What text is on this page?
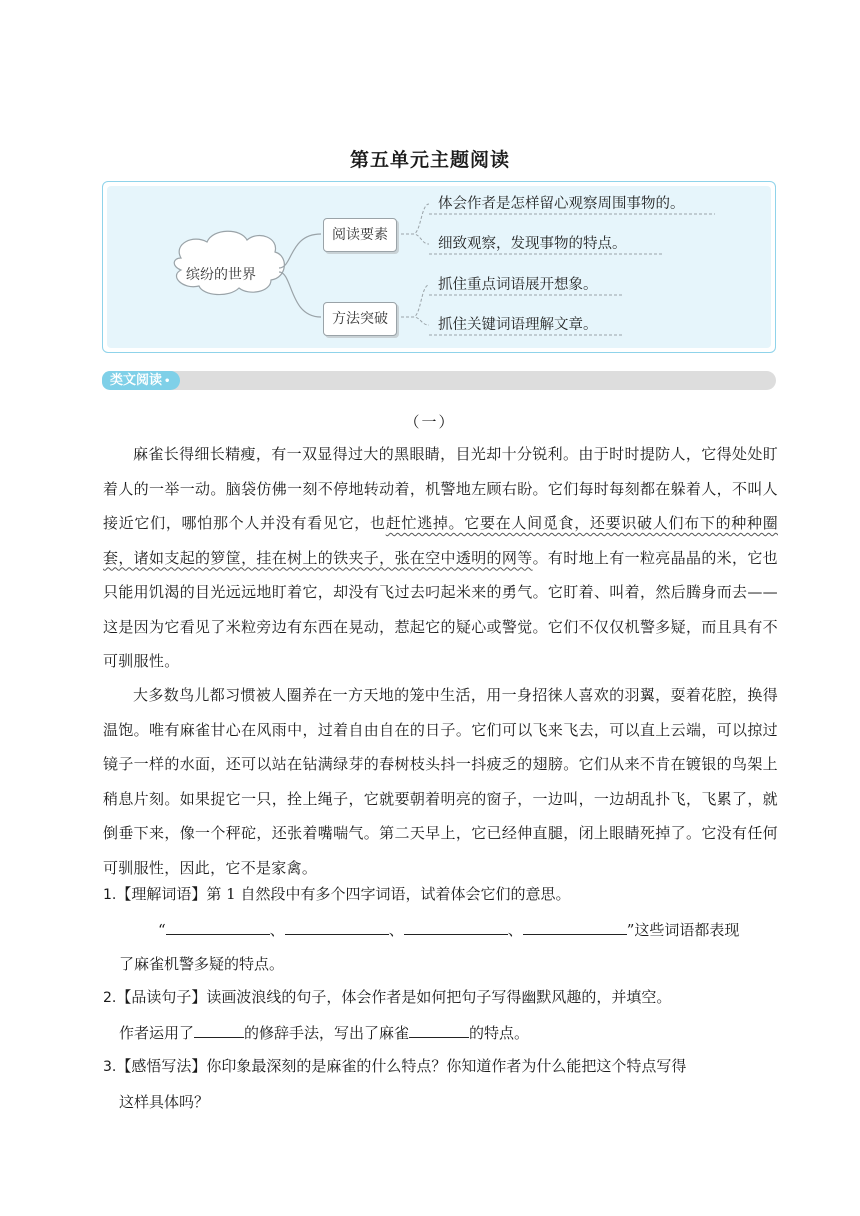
第五单元主题阅读
缤纷的世界
阅读要素
方法突破
体会作者是怎样留心观察周围事物的。
细致观察，发现事物的特点。
抓住重点词语展开想象。
抓住关键词语理解文章。
类文阅读 •
（一）

麻雀长得细长精瘦，有一双显得过大的黑眼睛，目光却十分锐利。由于时时提防人，它得处处盯着人的一举一动。脑袋仿佛一刻不停地转动着，机警地左顾右盼。它们每时每刻都在躲着人，不叫人接近它们，哪怕那个人并没有看见它，也赶忙逃掉。它要在人间觅食，还要识破人们布下的种种圈套，诸如支起的箩筐，挂在树上的铁夹子，张在空中透明的网等。有时地上有一粒亮晶晶的米，它也只能用饥渴的目光远远地盯着它，却没有飞过去叼起米来的勇气。它盯着、叫着，然后腾身而去——这是因为它看见了米粒旁边有东西在晃动，惹起它的疑心或警觉。它们不仅仅机警多疑，而且具有不可驯服性。

大多数鸟儿都习惯被人圈养在一方天地的笼中生活，用一身招徕人喜欢的羽翼，耍着花腔，换得温饱。唯有麻雀甘心在风雨中，过着自由自在的日子。它们可以飞来飞去，可以直上云端，可以掠过镜子一样的水面，还可以站在钻满绿芽的春树枝头抖一抖疲乏的翅膀。它们从来不肯在镀银的鸟架上稍息片刻。如果捉它一只，拴上绳子，它就要朝着明亮的窗子，一边叫，一边胡乱扑飞，飞累了，就倒垂下来，像一个秤砣，还张着嘴喘气。第二天早上，它已经伸直腿，闭上眼睛死掉了。它没有任何可驯服性，因此，它不是家禽。

1.【理解词语】第 1 自然段中有多个四字词语，试着体会它们的意思。
“	、	、	、	”这些词语都表现
了麻雀机警多疑的特点。
2.【品读句子】读画波浪线的句子，体会作者是如何把句子写得幽默风趣的，并填空。
作者运用了	的修辞手法，写出了麻雀	的特点。
3.【感悟写法】你印象最深刻的是麻雀的什么特点？你知道作者为什么能把这个特点写得
这样具体吗？
